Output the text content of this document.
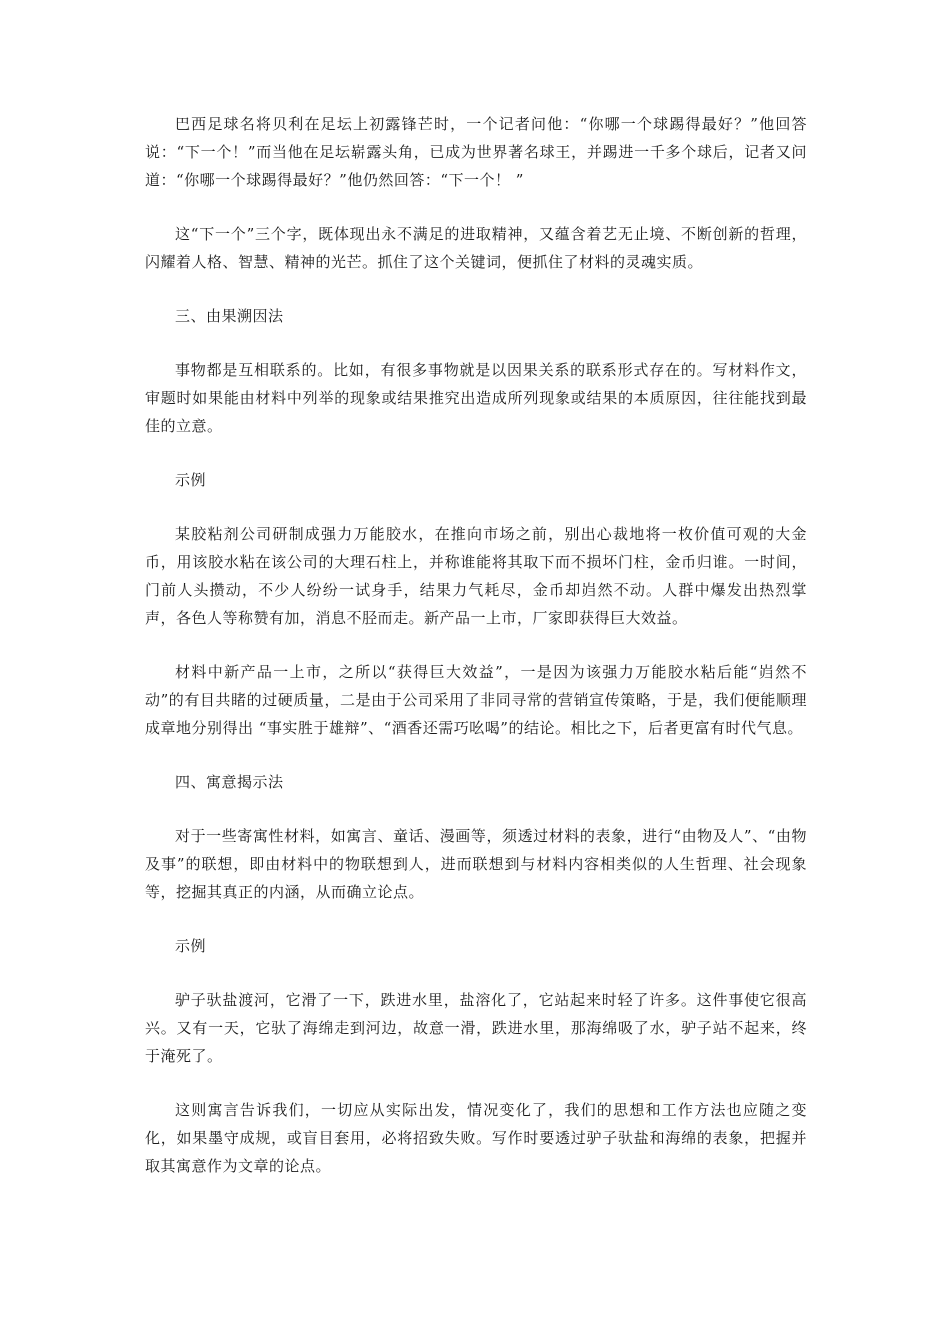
巴西足球名将贝利在足坛上初露锋芒时，一个记者问他：“你哪一个球踢得最好？”他回答说：“下一个！”而当他在足坛崭露头角，已成为世界著名球王，并踢进一千多个球后，记者又问道：“你哪一个球踢得最好？”他仍然回答：“下一个！ ”

这“下一个”三个字，既体现出永不满足的进取精神，又蕴含着艺无止境、不断创新的哲理，闪耀着人格、智慧、精神的光芒。抓住了这个关键词，便抓住了材料的灵魂实质。

三、由果溯因法

事物都是互相联系的。比如，有很多事物就是以因果关系的联系形式存在的。写材料作文，审题时如果能由材料中列举的现象或结果推究出造成所列现象或结果的本质原因，往往能找到最佳的立意。

示例

某胶粘剂公司研制成强力万能胶水，在推向市场之前，别出心裁地将一枚价值可观的大金币，用该胶水粘在该公司的大理石柱上，并称谁能将其取下而不损坏门柱，金币归谁。一时间，门前人头攒动，不少人纷纷一试身手，结果力气耗尽，金币却岿然不动。人群中爆发出热烈掌声，各色人等称赞有加，消息不胫而走。新产品一上市，厂家即获得巨大效益。

材料中新产品一上市，之所以“获得巨大效益”，一是因为该强力万能胶水粘后能“岿然不动”的有目共睹的过硬质量，二是由于公司采用了非同寻常的营销宣传策略，于是，我们便能顺理成章地分别得出 “事实胜于雄辩”、“酒香还需巧吆喝”的结论。相比之下，后者更富有时代气息。

四、寓意揭示法

对于一些寄寓性材料，如寓言、童话、漫画等，须透过材料的表象，进行“由物及人”、“由物及事”的联想，即由材料中的物联想到人，进而联想到与材料内容相类似的人生哲理、社会现象等，挖掘其真正的内涵，从而确立论点。

示例

驴子驮盐渡河，它滑了一下，跌进水里，盐溶化了，它站起来时轻了许多。这件事使它很高兴。又有一天，它驮了海绵走到河边，故意一滑，跌进水里，那海绵吸了水，驴子站不起来，终于淹死了。

这则寓言告诉我们，一切应从实际出发，情况变化了，我们的思想和工作方法也应随之变化，如果墨守成规，或盲目套用，必将招致失败。写作时要透过驴子驮盐和海绵的表象，把握并取其寓意作为文章的论点。
